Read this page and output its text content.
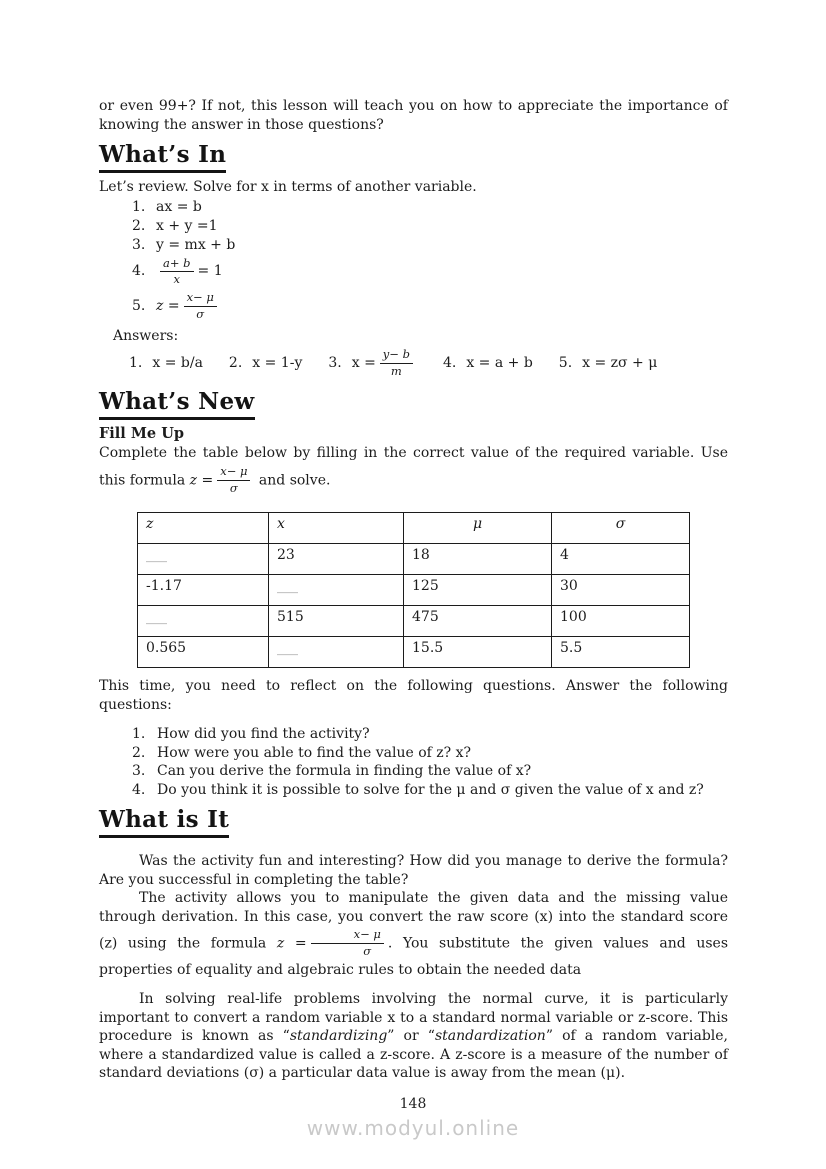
or even 99+? If not, this lesson will teach you on how to appreciate the importance of knowing the answer in those questions?

What’s In

Let’s review. Solve for x in terms of another variable.

1. ax = b
2. x + y =1
3. y = mx + b
4.	$\frac{a+ b}{x} = 1$
5. $z = \frac{x- \mu}{\sigma}$

Answers:

1. x = b/a 2. x = 1-y 3. $x = \frac{y- b}{m} 4$. x = a + b 5. x = zσ + μ
What’s New

Fill Me Up

Complete the table below by filling in the correct value of the required variable. Use this formula $z = \frac{x- \mu}{\sigma}$ and solve.

z	x	μ	σ
___	23	18	4
-1.17	___	125	30
___	515	475	100
0.565	___	15.5	5.5

This time, you need to reflect on the following questions. Answer the following questions:

1. How did you find the activity?
2. How were you able to find the value of z? x?
3. Can you derive the formula in finding the value of x?
4. Do you think it is possible to solve for the μ and σ given the value of x and z?
What is It

Was the activity fun and interesting? How did you manage to derive the formula? Are you successful in completing the table?

The activity allows you to manipulate the given data and the missing value through derivation. In this case, you convert the raw score (x) into the standard score (z) using the formula $z = \frac{x- \mu}{\sigma}$ . You substitute the given values and uses properties of equality and algebraic rules to obtain the needed data

In solving real-life problems involving the normal curve, it is particularly important to convert a random variable x to a standard normal variable or z-score. This procedure is known as “standardizing” or “standardization” of a random variable, where a standardized value is called a z-score. A z-score is a measure of the number of standard deviations (σ) a particular data value is away from the mean (μ).

148
www.modyul.online
